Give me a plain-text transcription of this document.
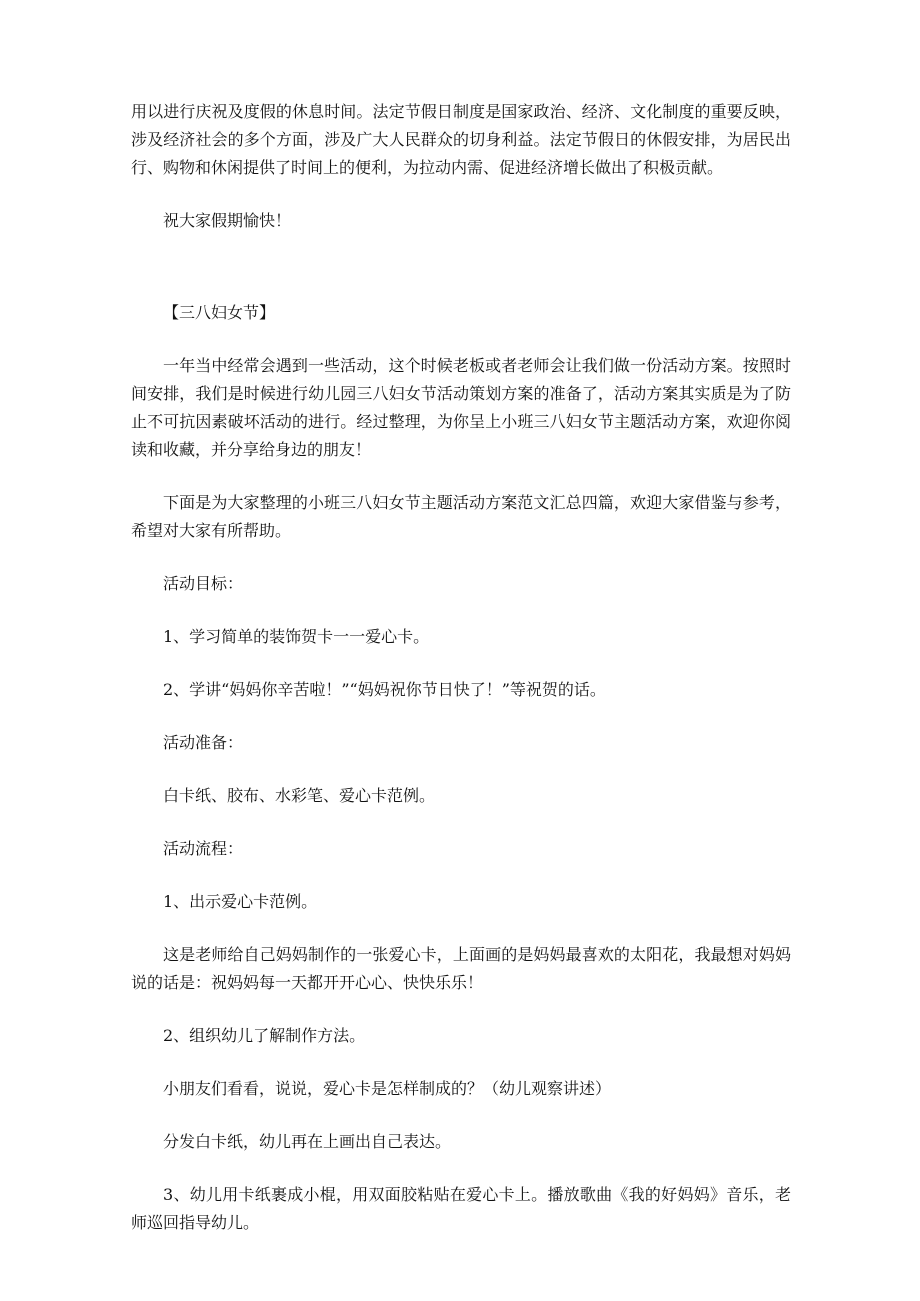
用以进行庆祝及度假的休息时间。法定节假日制度是国家政治、经济、文化制度的重要反映，涉及经济社会的多个方面，涉及广大人民群众的切身利益。法定节假日的休假安排，为居民出行、购物和休闲提供了时间上的便利，为拉动内需、促进经济增长做出了积极贡献。

祝大家假期愉快！

【三八妇女节】

一年当中经常会遇到一些活动，这个时候老板或者老师会让我们做一份活动方案。按照时间安排，我们是时候进行幼儿园三八妇女节活动策划方案的准备了，活动方案其实质是为了防止不可抗因素破坏活动的进行。经过整理，为你呈上小班三八妇女节主题活动方案，欢迎你阅读和收藏，并分享给身边的朋友！

下面是为大家整理的小班三八妇女节主题活动方案范文汇总四篇，欢迎大家借鉴与参考，希望对大家有所帮助。

活动目标：

1、学习简单的装饰贺卡一一爱心卡。

2、学讲“妈妈你辛苦啦！”“妈妈祝你节日快了！”等祝贺的话。

活动准备：

白卡纸、胶布、水彩笔、爱心卡范例。

活动流程：

1、出示爱心卡范例。

这是老师给自己妈妈制作的一张爱心卡，上面画的是妈妈最喜欢的太阳花，我最想对妈妈说的话是：祝妈妈每一天都开开心心、快快乐乐！

2、组织幼儿了解制作方法。

小朋友们看看，说说，爱心卡是怎样制成的？（幼儿观察讲述）

分发白卡纸，幼儿再在上画出自己表达。

3、幼儿用卡纸裹成小棍，用双面胶粘贴在爱心卡上。播放歌曲《我的好妈妈》音乐，老师巡回指导幼儿。
